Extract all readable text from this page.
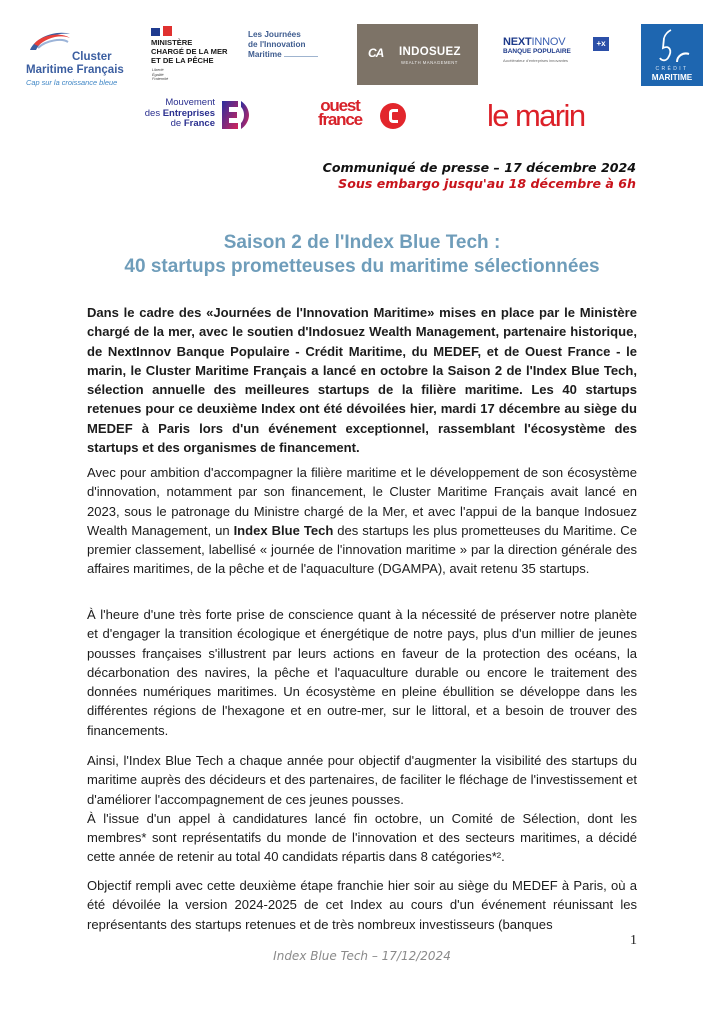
Cluster
Maritime Français
Cap sur la croissance bleue
MINISTÈRE
CHARGÉ DE LA MER
ET DE LA PÊCHE
Liberté
Égalité
Fraternité
Les Journées
de l'Innovation
Maritime	CA INDOSUEZ
WEALTH MANAGEMENT
NEXTINNOV
BANQUE POPULAIRE
+x
Accélérateur d'entreprises innovantes
CRÉDIT
MARITIME
Mouvement
des Entreprises
de France
ouest
france	le marin
Communiqué de presse – 17 décembre 2024
Sous embargo jusqu'au 18 décembre à 6h
Saison 2 de l'Index Blue Tech :
40 startups prometteuses du maritime sélectionnées
Dans le cadre des «Journées de l'Innovation Maritime» mises en place par le Ministère chargé de la mer, avec le soutien d'Indosuez Wealth Management, partenaire historique, de NextInnov Banque Populaire - Crédit Maritime, du MEDEF, et de Ouest France - le marin, le Cluster Maritime Français a lancé en octobre la Saison 2 de l'Index Blue Tech, sélection annuelle des meilleures startups de la filière maritime. Les 40 startups retenues pour ce deuxième Index ont été dévoilées hier, mardi 17 décembre au siège du MEDEF à Paris lors d'un événement exceptionnel, rassemblant l'écosystème des startups et des organismes de financement.
Avec pour ambition d'accompagner la filière maritime et le développement de son écosystème d'innovation, notamment par son financement, le Cluster Maritime Français avait lancé en 2023, sous le patronage du Ministre chargé de la Mer, et avec l'appui de la banque Indosuez Wealth Management, un Index Blue Tech des startups les plus prometteuses du Maritime. Ce premier classement, labellisé « journée de l'innovation maritime » par la direction générale des affaires maritimes, de la pêche et de l'aquaculture (DGAMPA), avait retenu 35 startups.
À l'heure d'une très forte prise de conscience quant à la nécessité de préserver notre planète et d'engager la transition écologique et énergétique de notre pays, plus d'un millier de jeunes pousses françaises s'illustrent par leurs actions en faveur de la protection des océans, la décarbonation des navires, la pêche et l'aquaculture durable ou encore le traitement des données numériques maritimes. Un écosystème en pleine ébullition se développe dans les différentes régions de l'hexagone et en outre-mer, sur le littoral, et a besoin de trouver des financements.

Ainsi, l'Index Blue Tech a chaque année pour objectif d'augmenter la visibilité des startups du maritime auprès des décideurs et des partenaires, de faciliter le fléchage de l'investissement et d'améliorer l'accompagnement de ces jeunes pousses.

À l'issue d'un appel à candidatures lancé fin octobre, un Comité de Sélection, dont les membres* sont représentatifs du monde de l'innovation et des secteurs maritimes, a décidé cette année de retenir au total 40 candidats répartis dans 8 catégories*².

Objectif rempli avec cette deuxième étape franchie hier soir au siège du MEDEF à Paris, où a été dévoilée la version 2024-2025 de cet Index au cours d'un événement réunissant les représentants des startups retenues et de très nombreux investisseurs (banques
1
Index Blue Tech – 17/12/2024
